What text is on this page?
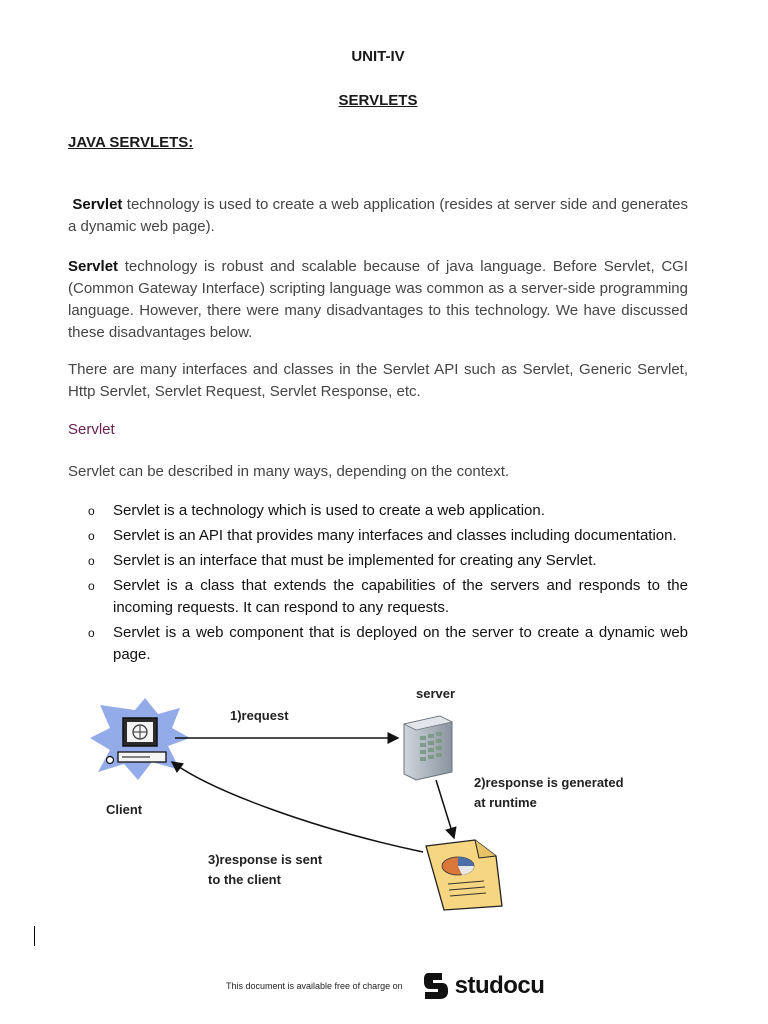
UNIT-IV
SERVLETS
JAVA SERVLETS:
Servlet technology is used to create a web application (resides at server side and generates a dynamic web page).
Servlet technology is robust and scalable because of java language. Before Servlet, CGI (Common Gateway Interface) scripting language was common as a server-side programming language. However, there were many disadvantages to this technology. We have discussed these disadvantages below.
There are many interfaces and classes in the Servlet API such as Servlet, Generic Servlet, Http Servlet, Servlet Request, Servlet Response, etc.
Servlet
Servlet can be described in many ways, depending on the context.
o Servlet is a technology which is used to create a web application.
o Servlet is an API that provides many interfaces and classes including documentation.
o Servlet is an interface that must be implemented for creating any Servlet.
o Servlet is a class that extends the capabilities of the servers and responds to the incoming requests. It can respond to any requests.
o Servlet is a web component that is deployed on the server to create a dynamic web page.
Client
1)request
server
2)response is generated
at runtime
3)response is sent
to the client
This document is available free of charge on studocu
